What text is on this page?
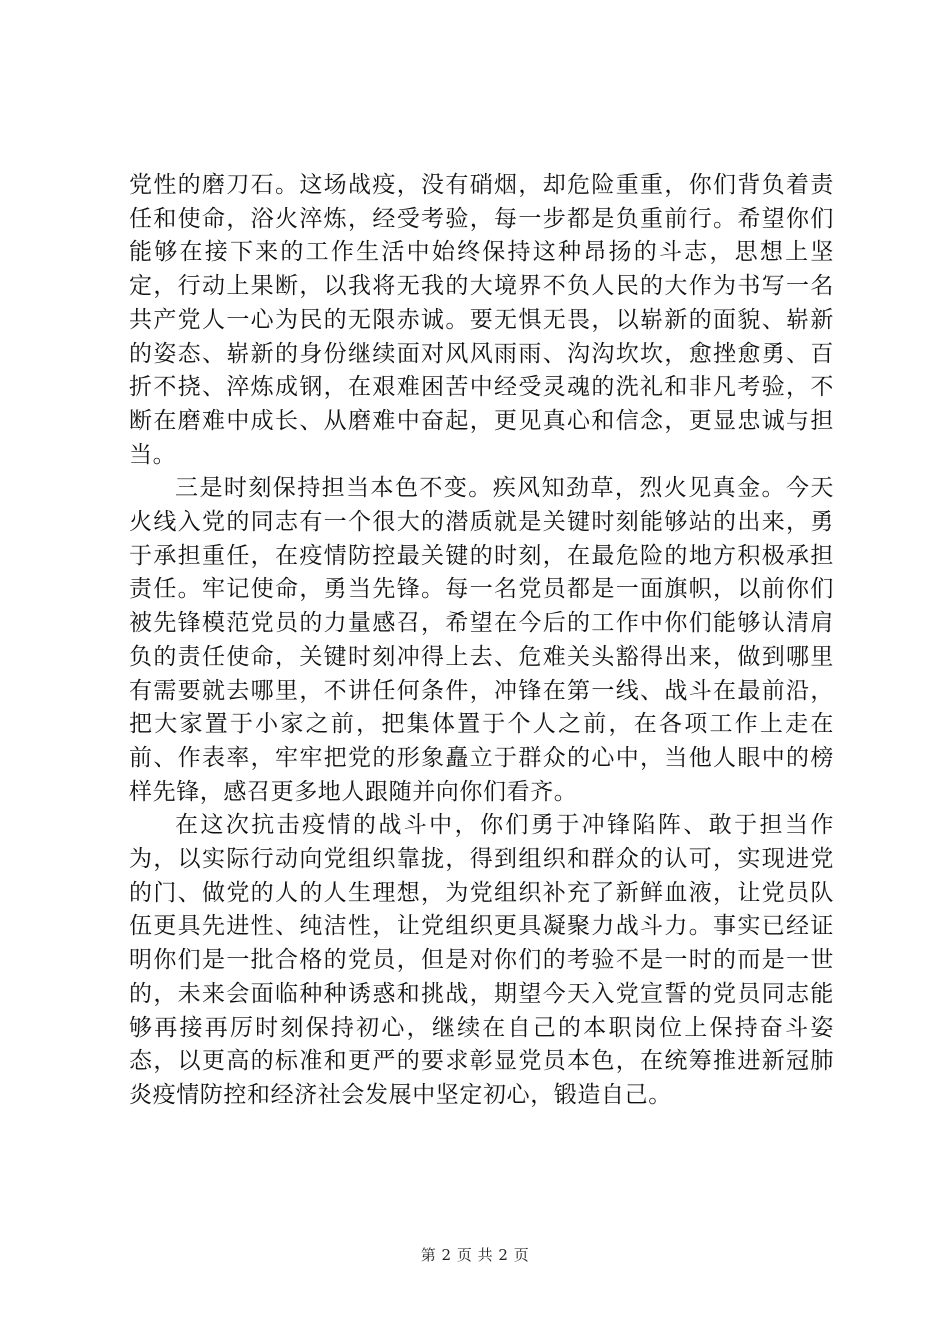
党性的磨刀石。这场战疫，没有硝烟，却危险重重，你们背负着责任和使命，浴火淬炼，经受考验，每一步都是负重前行。希望你们能够在接下来的工作生活中始终保持这种昂扬的斗志，思想上坚定，行动上果断，以我将无我的大境界不负人民的大作为书写一名共产党人一心为民的无限赤诚。要无惧无畏，以崭新的面貌、崭新的姿态、崭新的身份继续面对风风雨雨、沟沟坎坎，愈挫愈勇、百折不挠、淬炼成钢，在艰难困苦中经受灵魂的洗礼和非凡考验，不断在磨难中成长、从磨难中奋起，更见真心和信念，更显忠诚与担当。

三是时刻保持担当本色不变。疾风知劲草，烈火见真金。今天火线入党的同志有一个很大的潜质就是关键时刻能够站的出来，勇于承担重任，在疫情防控最关键的时刻，在最危险的地方积极承担责任。牢记使命，勇当先锋。每一名党员都是一面旗帜，以前你们被先锋模范党员的力量感召，希望在今后的工作中你们能够认清肩负的责任使命，关键时刻冲得上去、危难关头豁得出来，做到哪里有需要就去哪里，不讲任何条件，冲锋在第一线、战斗在最前沿，把大家置于小家之前，把集体置于个人之前，在各项工作上走在前、作表率，牢牢把党的形象矗立于群众的心中，当他人眼中的榜样先锋，感召更多地人跟随并向你们看齐。

在这次抗击疫情的战斗中，你们勇于冲锋陷阵、敢于担当作为，以实际行动向党组织靠拢，得到组织和群众的认可，实现进党的门、做党的人的人生理想，为党组织补充了新鲜血液，让党员队伍更具先进性、纯洁性，让党组织更具凝聚力战斗力。事实已经证明你们是一批合格的党员，但是对你们的考验不是一时的而是一世的，未来会面临种种诱惑和挑战，期望今天入党宣誓的党员同志能够再接再厉时刻保持初心，继续在自己的本职岗位上保持奋斗姿态，以更高的标准和更严的要求彰显党员本色，在统筹推进新冠肺炎疫情防控和经济社会发展中坚定初心，锻造自己。

第 2 页 共 2 页
